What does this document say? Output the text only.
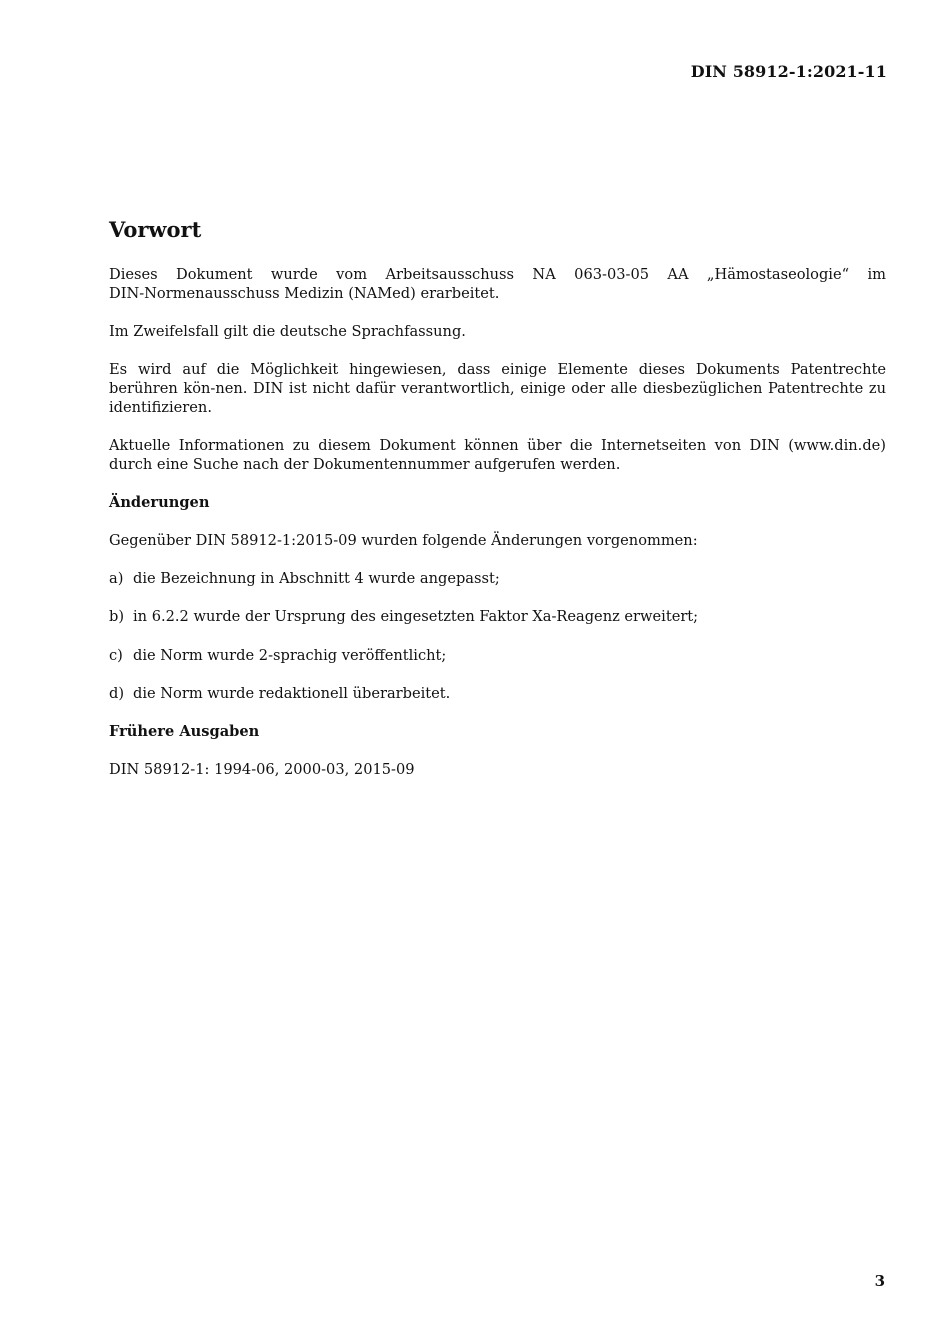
DIN 58912-1:2021-11
Vorwort
Dieses Dokument wurde vom Arbeitsausschuss NA 063-03-05 AA „Hämostaseologie“ im
DIN-Normenausschuss Medizin (NAMed) erarbeitet.
Im Zweifelsfall gilt die deutsche Sprachfassung.
Es wird auf die Möglichkeit hingewiesen, dass einige Elemente dieses Dokuments Patentrechte berühren kön-nen. DIN ist nicht dafür verantwortlich, einige oder alle diesbezüglichen Patentrechte zu identifizieren.
Aktuelle Informationen zu diesem Dokument können über die Internetseiten von DIN (www.din.de) durch eine Suche nach der Dokumentennummer aufgerufen werden.
Änderungen
Gegenüber DIN 58912-1:2015-09 wurden folgende Änderungen vorgenommen:
a) die Bezeichnung in Abschnitt 4 wurde angepasst;
b) in 6.2.2 wurde der Ursprung des eingesetzten Faktor Xa-Reagenz erweitert;
c) die Norm wurde 2-sprachig veröffentlicht;
d) die Norm wurde redaktionell überarbeitet.
Frühere Ausgaben
DIN 58912-1: 1994-06, 2000-03, 2015-09
3
